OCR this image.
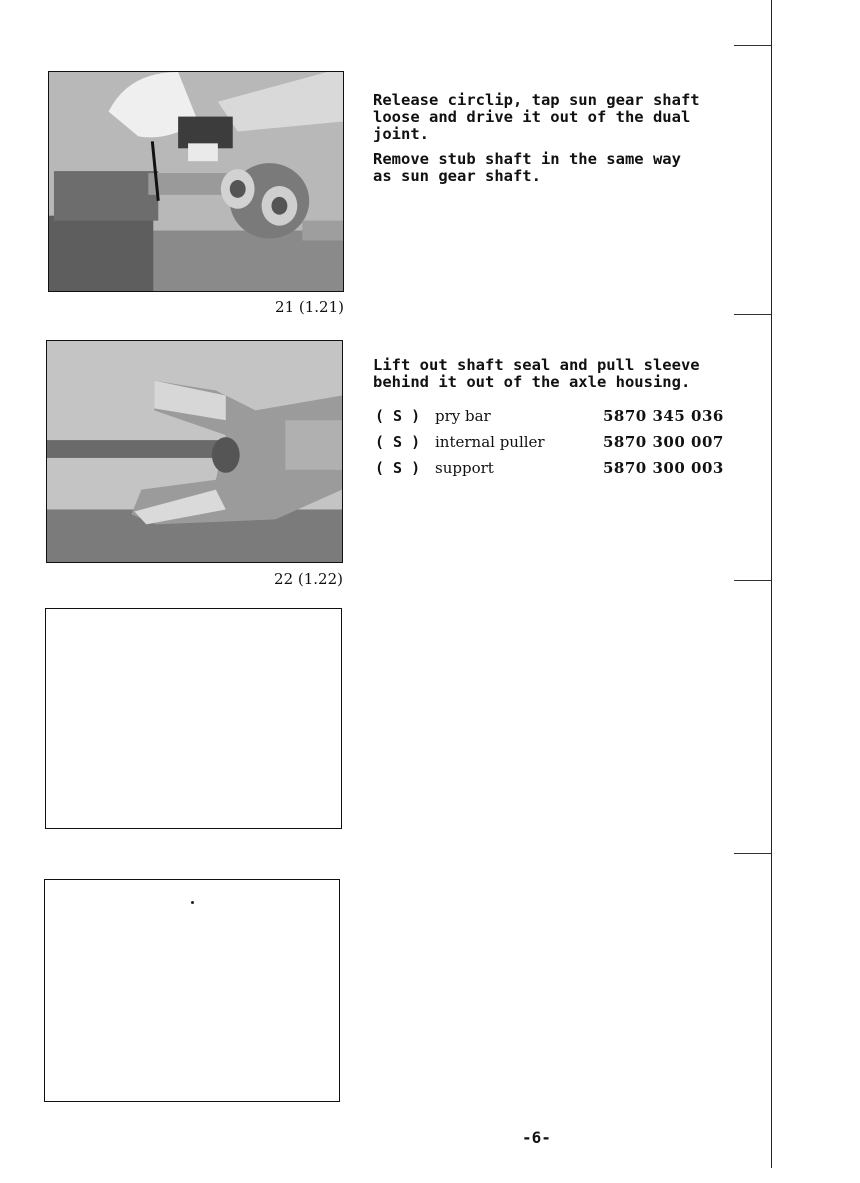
21 (1.21)

Release circlip, tap sun gear shaft
loose and drive it out of the dual
joint.

Remove stub shaft in the same way
as sun gear shaft.

22 (1.22)

Lift out shaft seal and pull sleeve
behind it out of the axle housing.

( S ) pry bar	5870 345 036
( S ) internal puller	5870 300 007
( S ) support	5870 300 003
-6-
